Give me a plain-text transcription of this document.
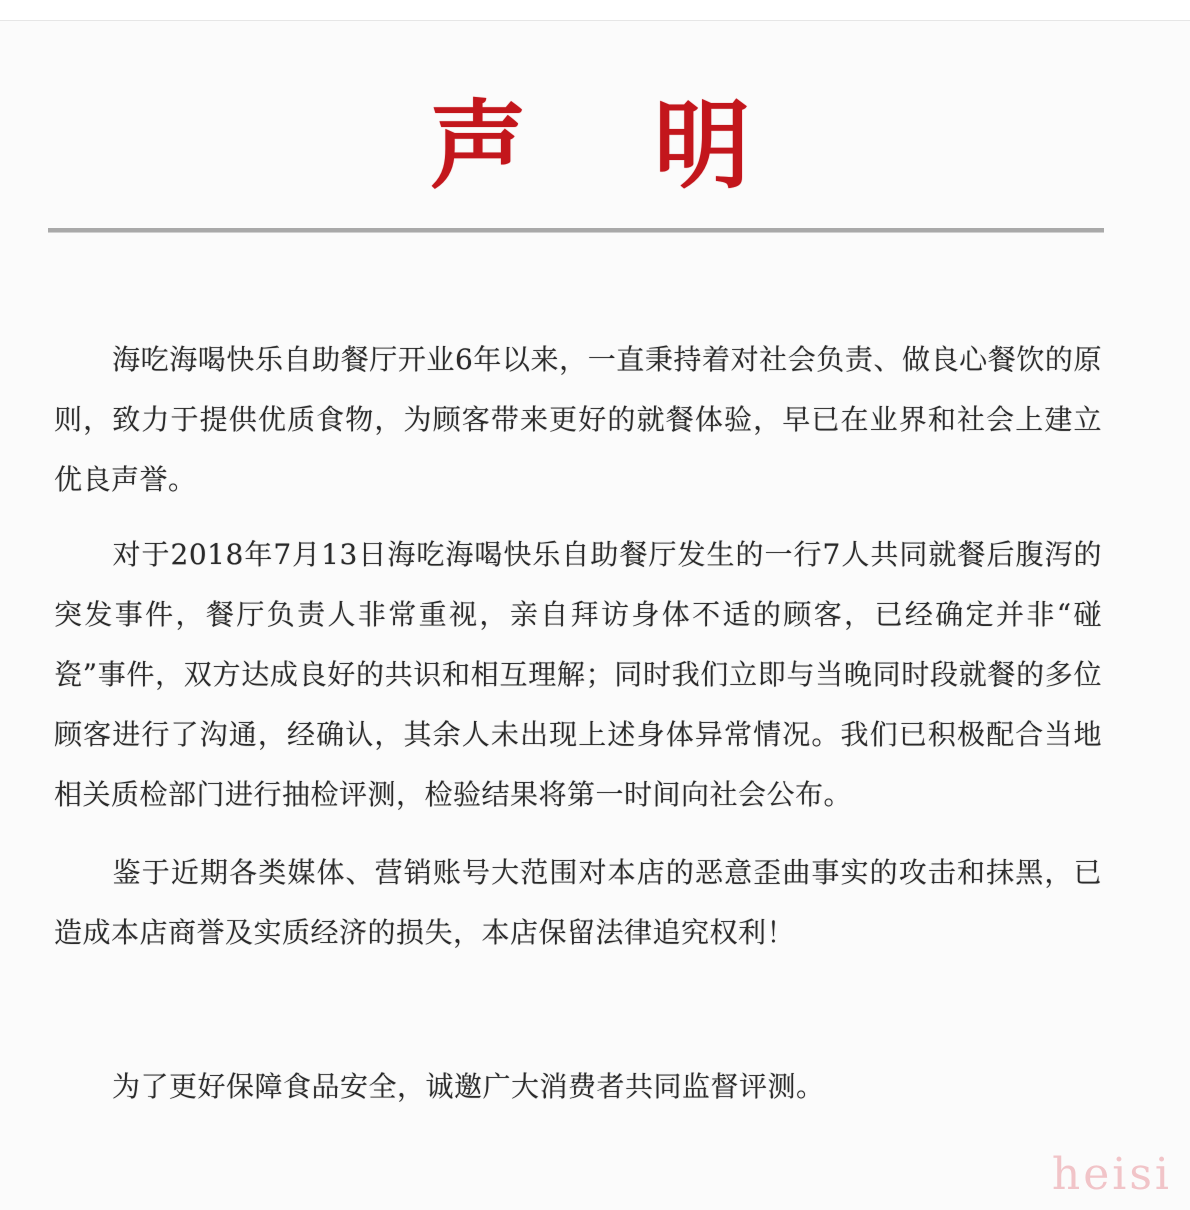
声 明

海吃海喝快乐自助餐厅开业6年以来，一直秉持着对社会负责、做良心餐饮的原则，致力于提供优质食物，为顾客带来更好的就餐体验，早已在业界和社会上建立优良声誉。

对于2018年7月13日海吃海喝快乐自助餐厅发生的一行7人共同就餐后腹泻的突发事件，餐厅负责人非常重视，亲自拜访身体不适的顾客，已经确定并非“碰瓷”事件，双方达成良好的共识和相互理解；同时我们立即与当晚同时段就餐的多位顾客进行了沟通，经确认，其余人未出现上述身体异常情况。我们已积极配合当地相关质检部门进行抽检评测，检验结果将第一时间向社会公布。

鉴于近期各类媒体、营销账号大范围对本店的恶意歪曲事实的攻击和抹黑，已造成本店商誉及实质经济的损失，本店保留法律追究权利！

为了更好保障食品安全，诚邀广大消费者共同监督评测。

heisi
